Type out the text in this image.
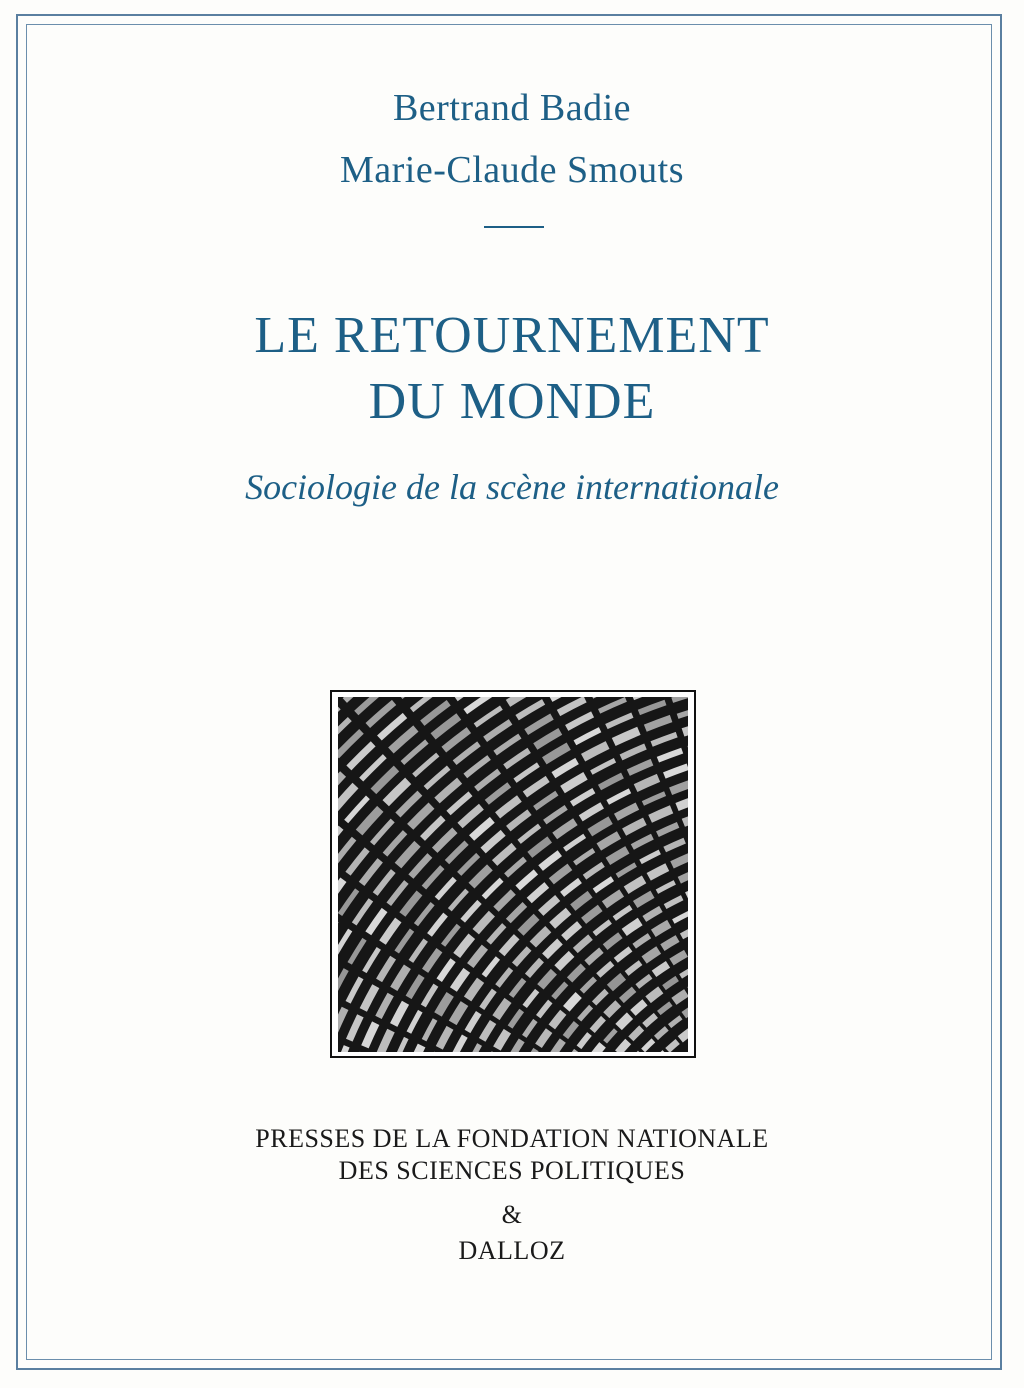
Bertrand Badie
Marie-Claude Smouts
LE RETOURNEMENT
DU MONDE
Sociologie de la scène internationale
PRESSES DE LA FONDATION NATIONALE
DES SCIENCES POLITIQUES
&
DALLOZ
